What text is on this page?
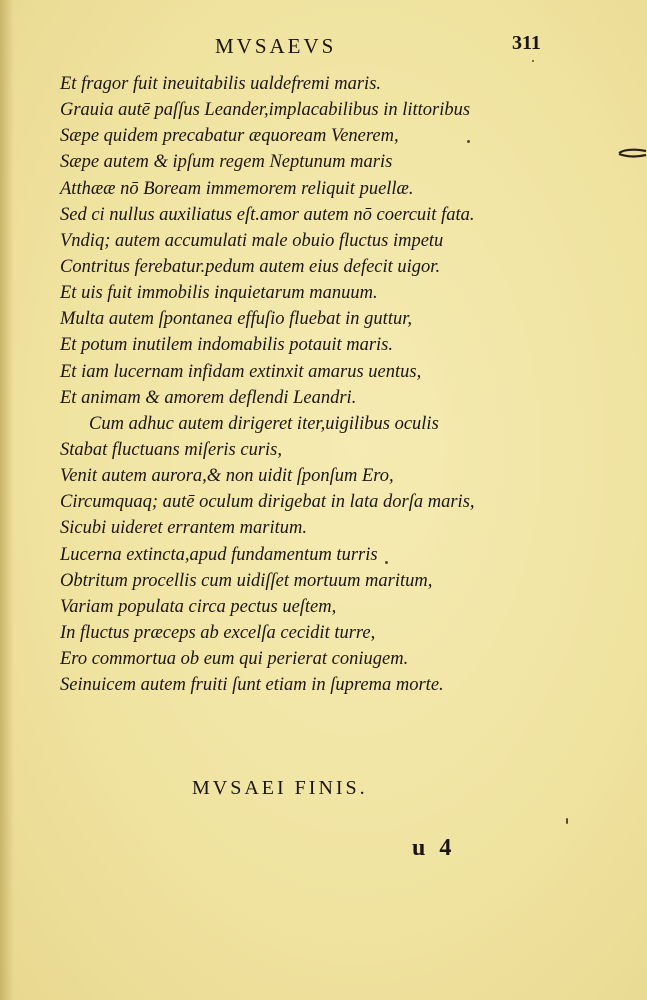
MVSAEVS	311
Et fragor fuit ineuitabilis ualdefremi maris.
Grauia autē paſſus Leander,implacabilibus in littoribus
Sæpe quidem precabatur æquoream Venerem,
Sæpe autem & ipſum regem Neptunum maris
Atthææ nō Boream immemorem reliquit puellæ.
Sed ci nullus auxiliatus eſt.amor autem nō coercuit fata.
Vndiq; autem accumulati male obuio fluctus impetu
Contritus ferebatur.pedum autem eius defecit uigor.
Et uis fuit immobilis inquietarum manuum.
Multa autem ſpontanea effuſio fluebat in guttur,
Et potum inutilem indomabilis potauit maris.
Et iam lucernam infidam extinxit amarus uentus,
Et animam & amorem deflendi Leandri.
Cum adhuc autem dirigeret iter,uigilibus oculis
Stabat fluctuans miſeris curis,
Venit autem aurora,& non uidit ſponſum Ero,
Circumquaq; autē oculum dirigebat in lata dorſa maris,
Sicubi uideret errantem maritum.
Lucerna extincta,apud fundamentum turris
Obtritum procellis cum uidiſſet mortuum maritum,
Variam populata circa pectus ueſtem,
In fluctus præceps ab excelſa cecidit turre,
Ero commortua ob eum qui perierat coniugem.
Seinuicem autem fruiti ſunt etiam in ſuprema morte.
MVSAEI FINIS.
u 4
